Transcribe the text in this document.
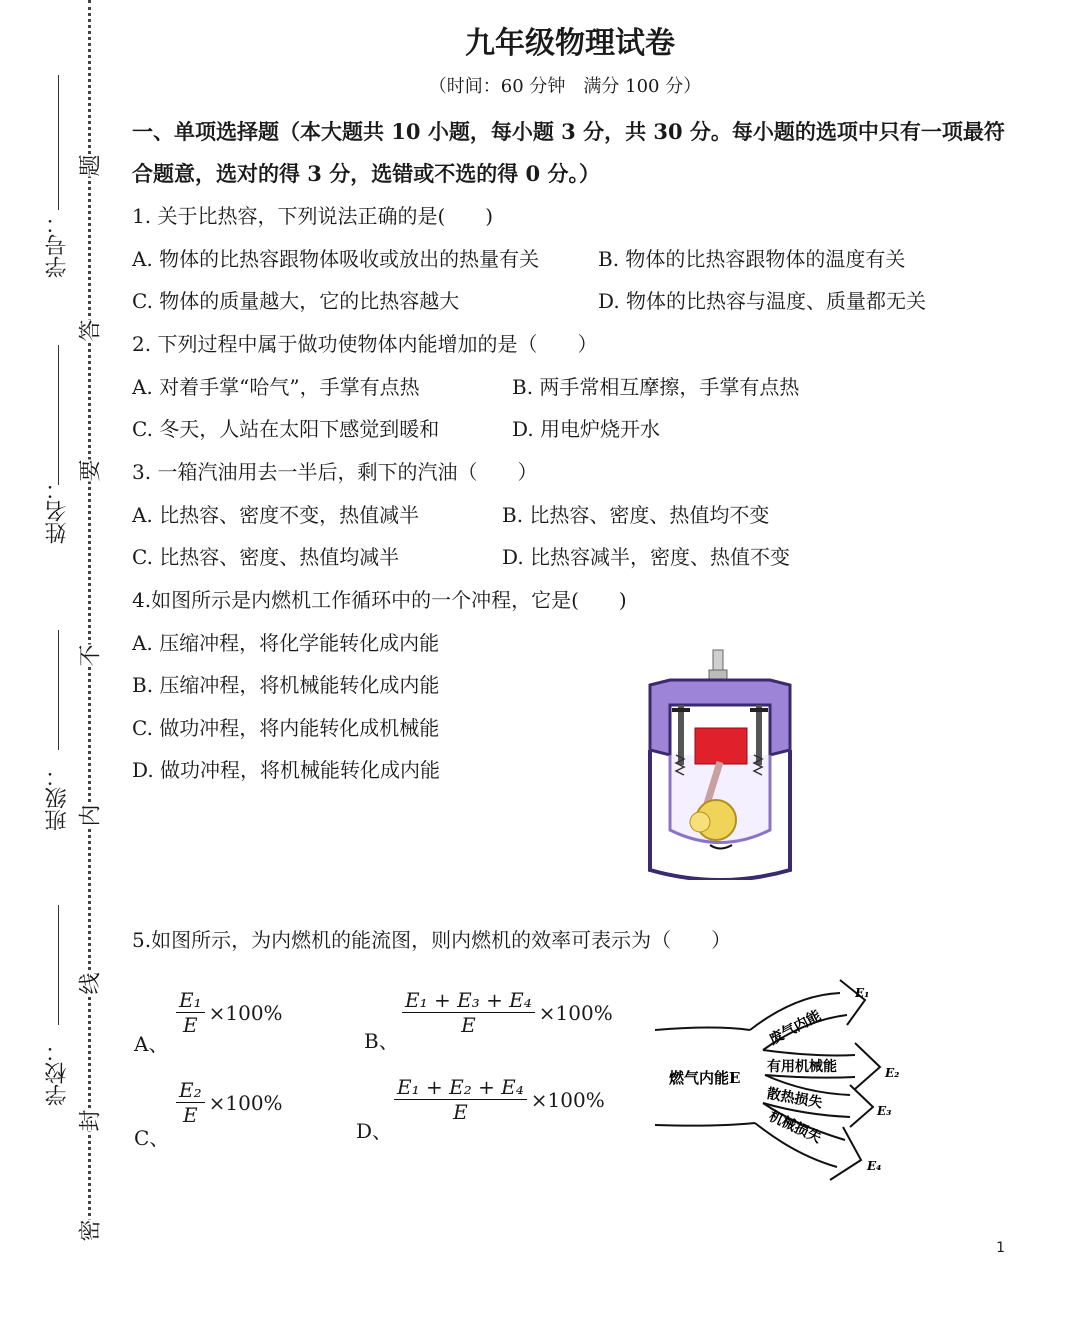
学号：
姓名：
班级：
学校：
题
答
要
不
内
线
封
密
九年级物理试卷
（时间：60 分钟　满分 100 分）
一、单项选择题（本大题共 10 小题，每小题 3 分，共 30 分。每小题的选项中只有一项最符
合题意，选对的得 3 分，选错或不选的得 0 分。）
1. 关于比热容，下列说法正确的是(　　)
A. 物体的比热容跟物体吸收或放出的热量有关	B. 物体的比热容跟物体的温度有关
C. 物体的质量越大，它的比热容越大	D. 物体的比热容与温度、质量都无关
2. 下列过程中属于做功使物体内能增加的是（　　）
A. 对着手掌“哈气”，手掌有点热	B. 两手常相互摩擦，手掌有点热
C. 冬天，人站在太阳下感觉到暖和	D. 用电炉烧开水
3. 一箱汽油用去一半后，剩下的汽油（　　）
A. 比热容、密度不变，热值减半	B. 比热容、密度、热值均不变
C. 比热容、密度、热值均减半	D. 比热容减半，密度、热值不变
4.如图所示是内燃机工作循环中的一个冲程，它是(　　)
A. 压缩冲程，将化学能转化成内能
B. 压缩冲程，将机械能转化成内能
C. 做功冲程，将内能转化成机械能
D. 做功冲程，将机械能转化成内能
5.如图所示，为内燃机的能流图，则内燃机的效率可表示为（　　）
A、
$\frac{\text{E₁}}{E} \times 100\%$
B、
$\frac{\text{E₁ + E₃ + E₄}}{E} \times 100\%$
C、
$\frac{\text{E₂}}{E} \times 100\%$
D、
$\frac{\text{E₁ + E₂ + E₄}}{E} \times 100\%$
燃气内能E
废气内能
有用机械能
散热损失
机械损失
E₁
E₂
E₃
E₄
1
